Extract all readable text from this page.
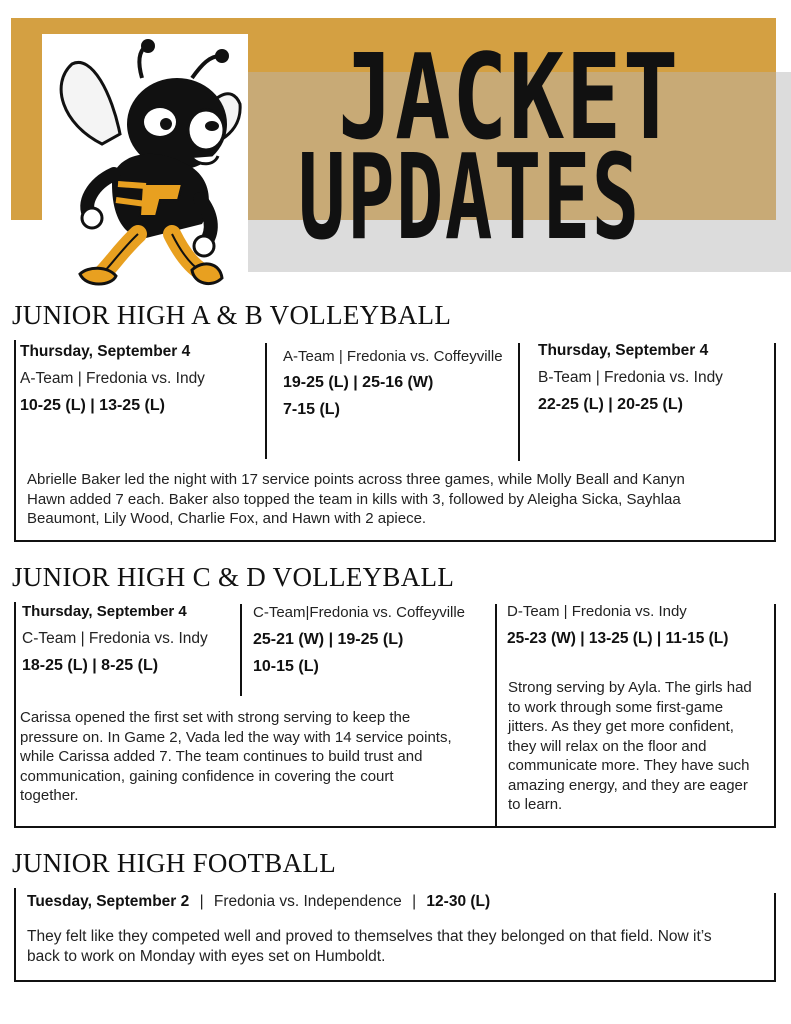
JACKET
UPDATES
JUNIOR HIGH A & B VOLLEYBALL
Thursday, September 4
A-Team | Fredonia vs. Indy
10-25 (L) | 13-25 (L)
A-Team | Fredonia vs. Coffeyville
19-25 (L) | 25-16 (W)
7-15 (L)
Thursday, September 4
B-Team | Fredonia vs. Indy
22-25 (L) | 20-25 (L)
Abrielle Baker led the night with 17 service points across three games, while Molly Beall and Kanyn
Hawn added 7 each. Baker also topped the team in kills with 3, followed by Aleigha Sicka, Sayhlaa
Beaumont, Lily Wood, Charlie Fox, and Hawn with 2 apiece.
JUNIOR HIGH C & D VOLLEYBALL
Thursday, September 4
C-Team | Fredonia vs. Indy
18-25 (L) | 8-25 (L)
C-Team|Fredonia vs. Coffeyville
25-21 (W) | 19-25 (L)
10-15 (L)
D-Team | Fredonia vs. Indy
25-23 (W) | 13-25 (L) | 11-15 (L)
Carissa opened the first set with strong serving to keep the
pressure on. In Game 2, Vada led the way with 14 service points,
while Carissa added 7. The team continues to build trust and
communication, gaining confidence in covering the court
together.
Strong serving by Ayla. The girls had
to work through some first-game
jitters. As they get more confident,
they will relax on the floor and
communicate more. They have such
amazing energy, and they are eager
to learn.
JUNIOR HIGH FOOTBALL
Tuesday, September 2 | Fredonia vs. Independence | 12-30 (L)
They felt like they competed well and proved to themselves that they belonged on that field. Now it’s
back to work on Monday with eyes set on Humboldt.
